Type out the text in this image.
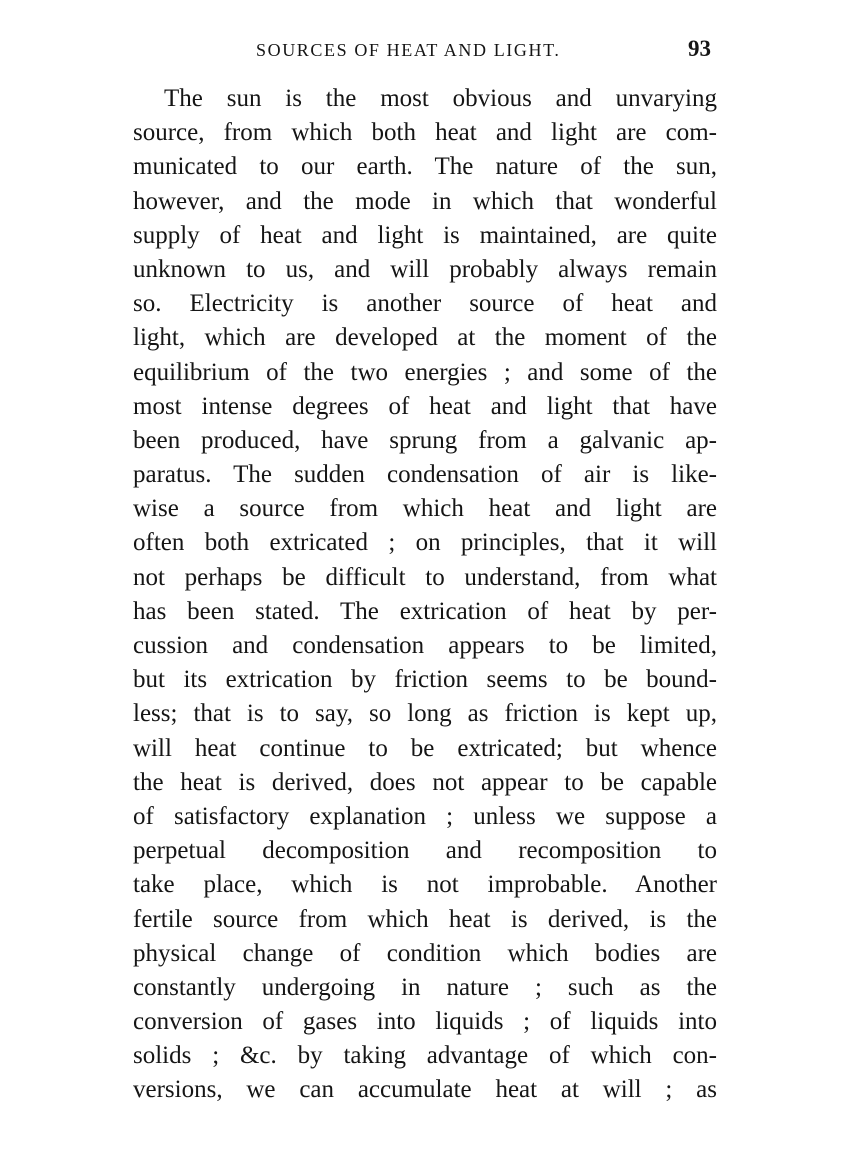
SOURCES OF HEAT AND LIGHT.	93
The sun is the most obvious and unvarying
source, from which both heat and light are com-
municated to our earth. The nature of the sun,
however, and the mode in which that wonderful
supply of heat and light is maintained, are quite
unknown to us, and will probably always remain
so. Electricity is another source of heat and
light, which are developed at the moment of the
equilibrium of the two energies ; and some of the
most intense degrees of heat and light that have
been produced, have sprung from a galvanic ap-
paratus. The sudden condensation of air is like-
wise a source from which heat and light are
often both extricated ; on principles, that it will
not perhaps be difficult to understand, from what
has been stated. The extrication of heat by per-
cussion and condensation appears to be limited,
but its extrication by friction seems to be bound-
less; that is to say, so long as friction is kept up,
will heat continue to be extricated; but whence
the heat is derived, does not appear to be capable
of satisfactory explanation ; unless we suppose a
perpetual decomposition and recomposition to
take place, which is not improbable. Another
fertile source from which heat is derived, is the
physical change of condition which bodies are
constantly undergoing in nature ; such as the
conversion of gases into liquids ; of liquids into
solids ; &c. by taking advantage of which con-
versions, we can accumulate heat at will ; as
